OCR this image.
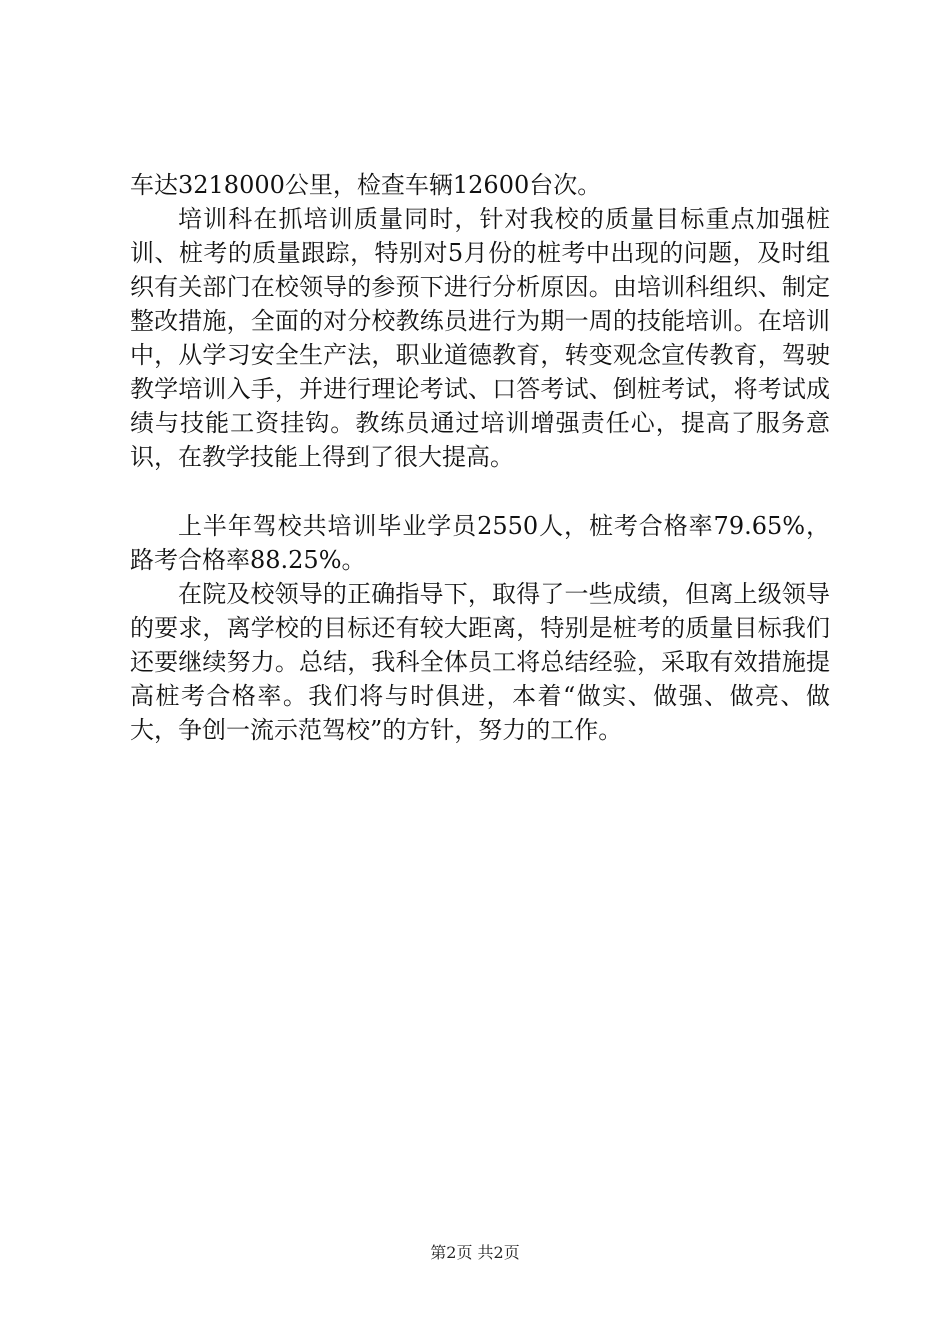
车达3218000公里，检查车辆12600台次。

培训科在抓培训质量同时，针对我校的质量目标重点加强桩训、桩考的质量跟踪，特别对5月份的桩考中出现的问题，及时组织有关部门在校领导的参预下进行分析原因。由培训科组织、制定整改措施，全面的对分校教练员进行为期一周的技能培训。在培训中，从学习安全生产法，职业道德教育，转变观念宣传教育，驾驶教学培训入手，并进行理论考试、口答考试、倒桩考试，将考试成绩与技能工资挂钩。教练员通过培训增强责任心，提高了服务意识，在教学技能上得到了很大提高。

上半年驾校共培训毕业学员2550人，桩考合格率79.65%，路考合格率88.25%。

在院及校领导的正确指导下，取得了一些成绩，但离上级领导的要求，离学校的目标还有较大距离，特别是桩考的质量目标我们还要继续努力。总结，我科全体员工将总结经验，采取有效措施提高桩考合格率。我们将与时俱进，本着“做实、做强、做亮、做大，争创一流示范驾校”的方针，努力的工作。

第2页 共2页
